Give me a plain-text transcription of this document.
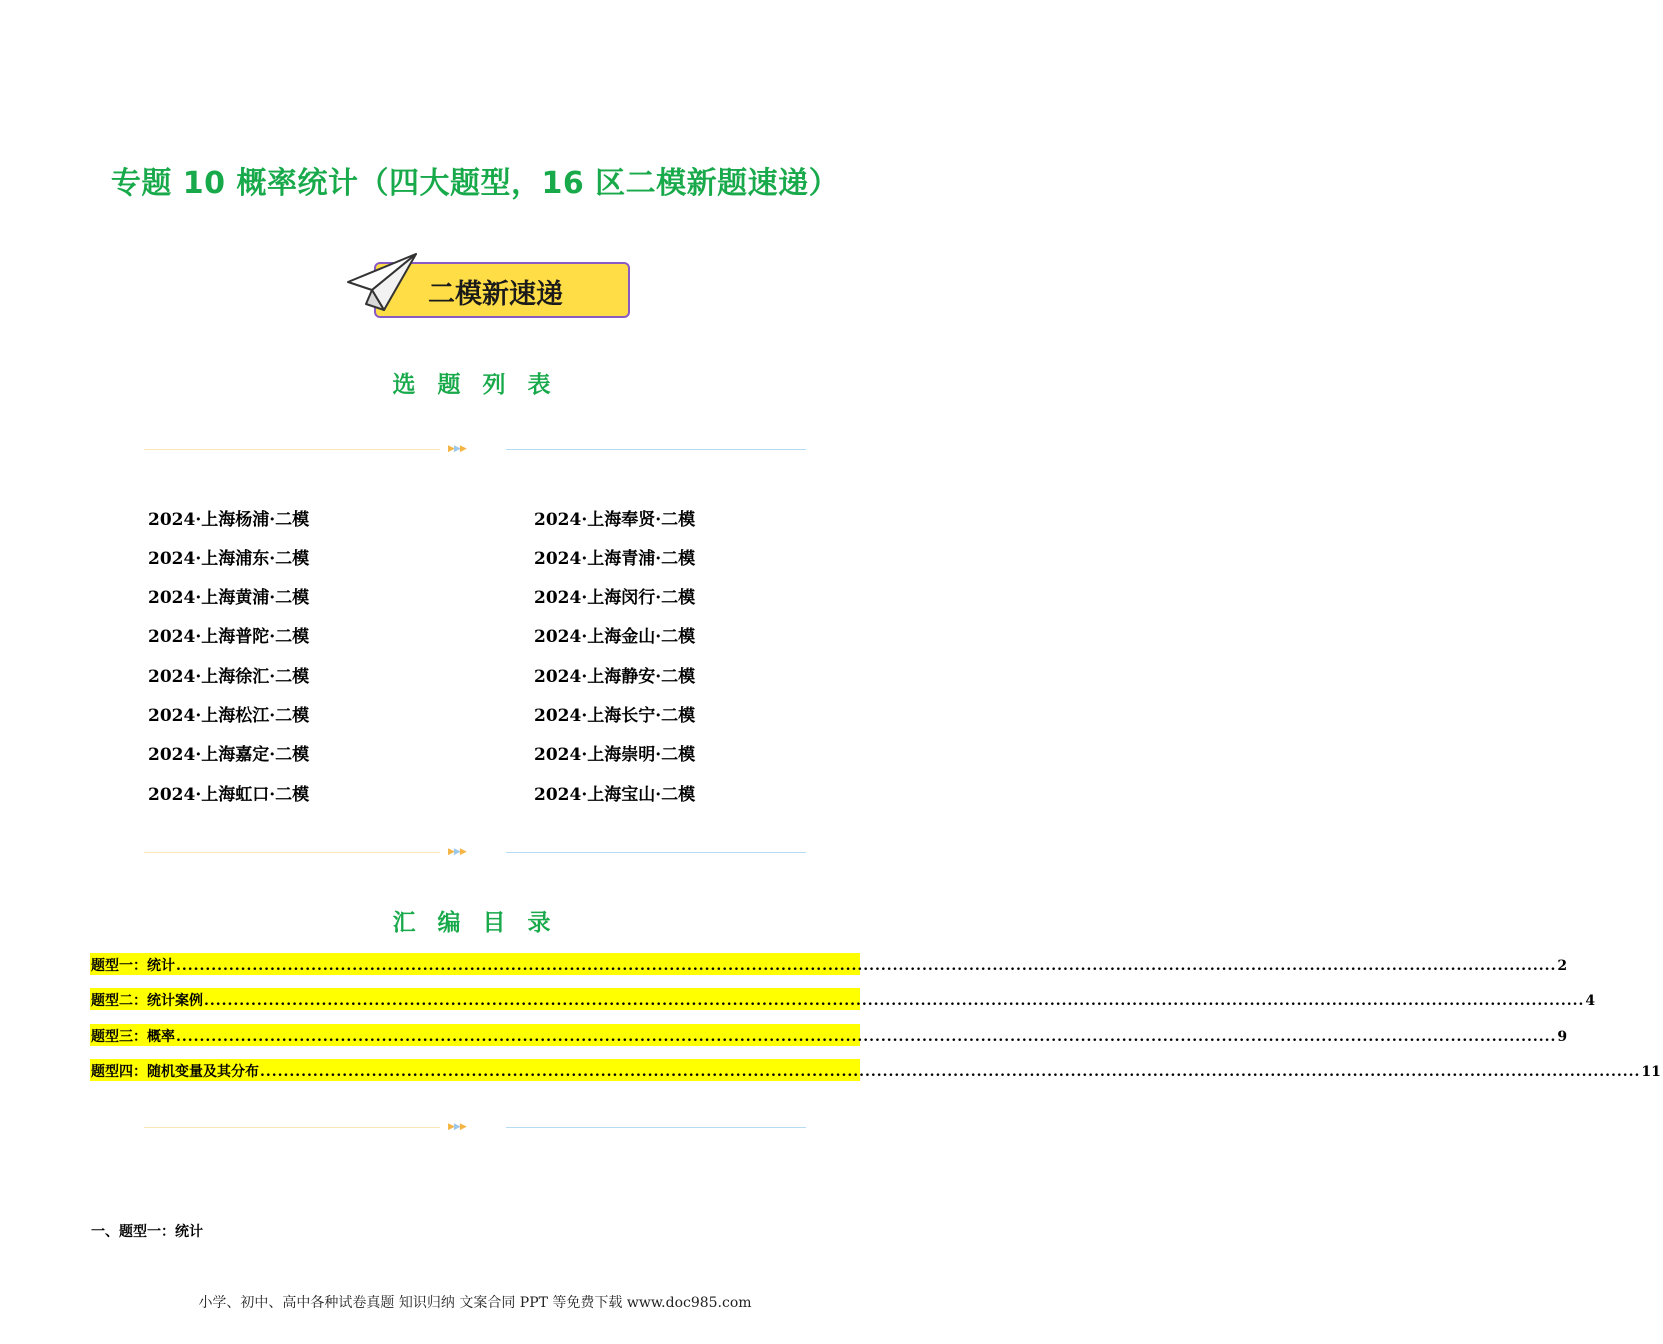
专题 10 概率统计（四大题型，16 区二模新题速递）
二模新速递
选 题 列 表
▶▶▶
2024·上海杨浦·二模
2024·上海浦东·二模
2024·上海黄浦·二模
2024·上海普陀·二模
2024·上海徐汇·二模
2024·上海松江·二模
2024·上海嘉定·二模
2024·上海虹口·二模
2024·上海奉贤·二模
2024·上海青浦·二模
2024·上海闵行·二模
2024·上海金山·二模
2024·上海静安·二模
2024·上海长宁·二模
2024·上海崇明·二模
2024·上海宝山·二模
▶▶▶
汇 编 目 录
题型一：统计 ........................................................................................................................................................................................................................................... 2
题型二：统计案例 ........................................................................................................................................................................................................................................... 4
题型三：概率 ........................................................................................................................................................................................................................................... 9
题型四：随机变量及其分布 ........................................................................................................................................................................................................................................... 11
▶▶▶
一、题型一：统计
小学、初中、高中各种试卷真题 知识归纳 文案合同 PPT 等免费下载 www.doc985.com
